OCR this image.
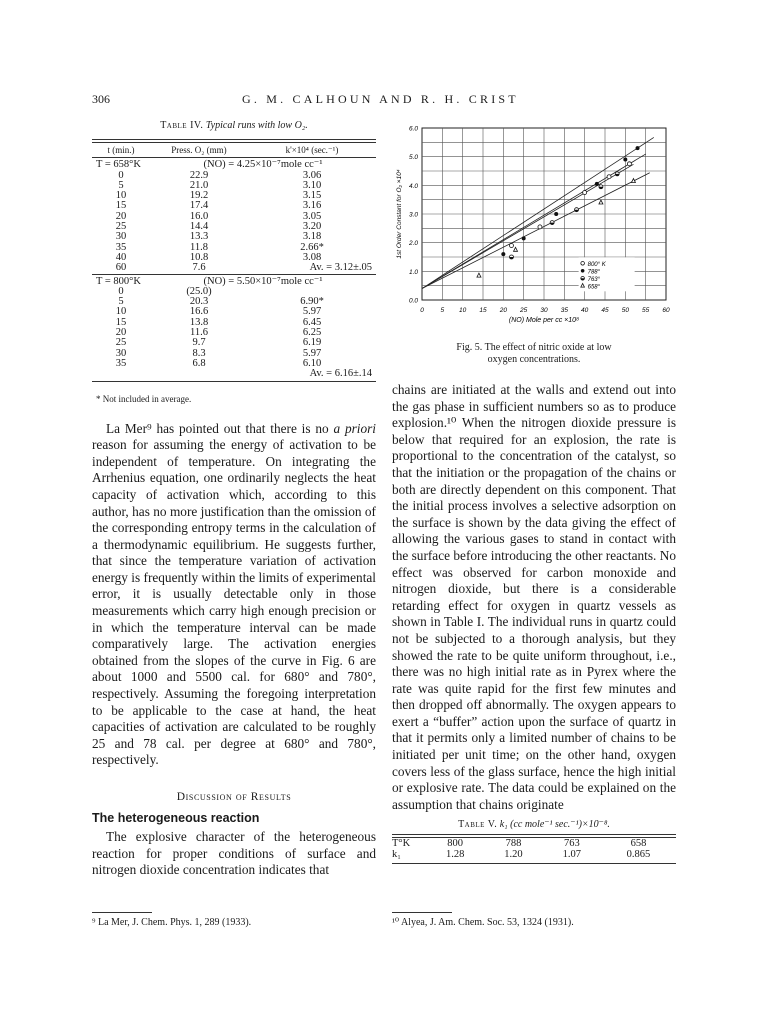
306	G. M. CALHOUN AND R. H. CRIST
Table IV. Typical runs with low O₂.
t (min.)	Press. O₂ (mm)	k'×10⁴ (sec.⁻¹)
T = 658°K	(NO) = 4.25×10⁻⁷mole cc⁻¹	
0	22.9	3.06
5	21.0	3.10
10	19.2	3.15
15	17.4	3.16
20	16.0	3.05
25	14.4	3.20
30	13.3	3.18
35	11.8	2.66*
40	10.8	3.08
60	7.6	Av. = 3.12±.05
T = 800°K	(NO) = 5.50×10⁻⁷mole cc⁻¹	
0	(25.0)	
5	20.3	6.90*
10	16.6	5.97
15	13.8	6.45
20	11.6	6.25
25	9.7	6.19
30	8.3	5.97
35	6.8	6.10
		Av. = 6.16±.14
* Not included in average.

La Mer⁹ has pointed out that there is no a priori reason for assuming the energy of activation to be independent of temperature. On integrating the Arrhenius equation, one ordinarily neglects the heat capacity of activation which, according to this author, has no more justification than the omission of the corresponding entropy terms in the calculation of a thermodynamic equilibrium. He suggests further, that since the temperature variation of activation energy is frequently within the limits of experimental error, it is usually detectable only in those measurements which carry high enough precision or in which the temperature interval can be made comparatively large. The activation energies obtained from the slopes of the curve in Fig. 6 are about 1000 and 5500 cal. for 680° and 780°, respectively. Assuming the foregoing interpretation to be applicable to the case at hand, the heat capacities of activation are calculated to be roughly 25 and 78 cal. per degree at 680° and 780°, respectively.

Discussion of Results
The heterogeneous reaction

The explosive character of the heterogeneous reaction for proper conditions of surface and nitrogen dioxide concentration indicates that

⁹ La Mer, J. Chem. Phys. 1, 289 (1933).
0	5 10 15 20 25 30 35 40 45 50 55 60
0.0
1.0
2.0
3.0
4.0
5.0
6.0
(NO) Mole per cc ×10⁸
1st Order Constant for O₂ ×10⁴
800° K
788°
763°
658°
Fig. 5. The effect of nitric oxide at low
oxygen concentrations.

chains are initiated at the walls and extend out into the gas phase in sufficient numbers so as to produce explosion.¹⁰ When the nitrogen dioxide pressure is below that required for an explosion, the rate is proportional to the concentration of the catalyst, so that the initiation or the propagation of the chains or both are directly dependent on this component. That the initial process involves a selective adsorption on the surface is shown by the data giving the effect of allowing the various gases to stand in contact with the surface before introducing the other reactants. No effect was observed for carbon monoxide and nitrogen dioxide, but there is a considerable retarding effect for oxygen in quartz vessels as shown in Table I. The individual runs in quartz could not be subjected to a thorough analysis, but they showed the rate to be quite uniform throughout, i.e., there was no high initial rate as in Pyrex where the rate was quite rapid for the first few minutes and then dropped off abnormally. The oxygen appears to exert a “buffer” action upon the surface of quartz in that it permits only a limited number of chains to be initiated per unit time; on the other hand, oxygen covers less of the glass surface, hence the high initial or explosive rate. The data could be explained on the assumption that chains originate

Table V. k₁ (cc mole⁻¹ sec.⁻¹)×10⁻⁸.
T°K	800	788	763	658
k₁	1.28	1.20	1.07	0.865
¹⁰ Alyea, J. Am. Chem. Soc. 53, 1324 (1931).
